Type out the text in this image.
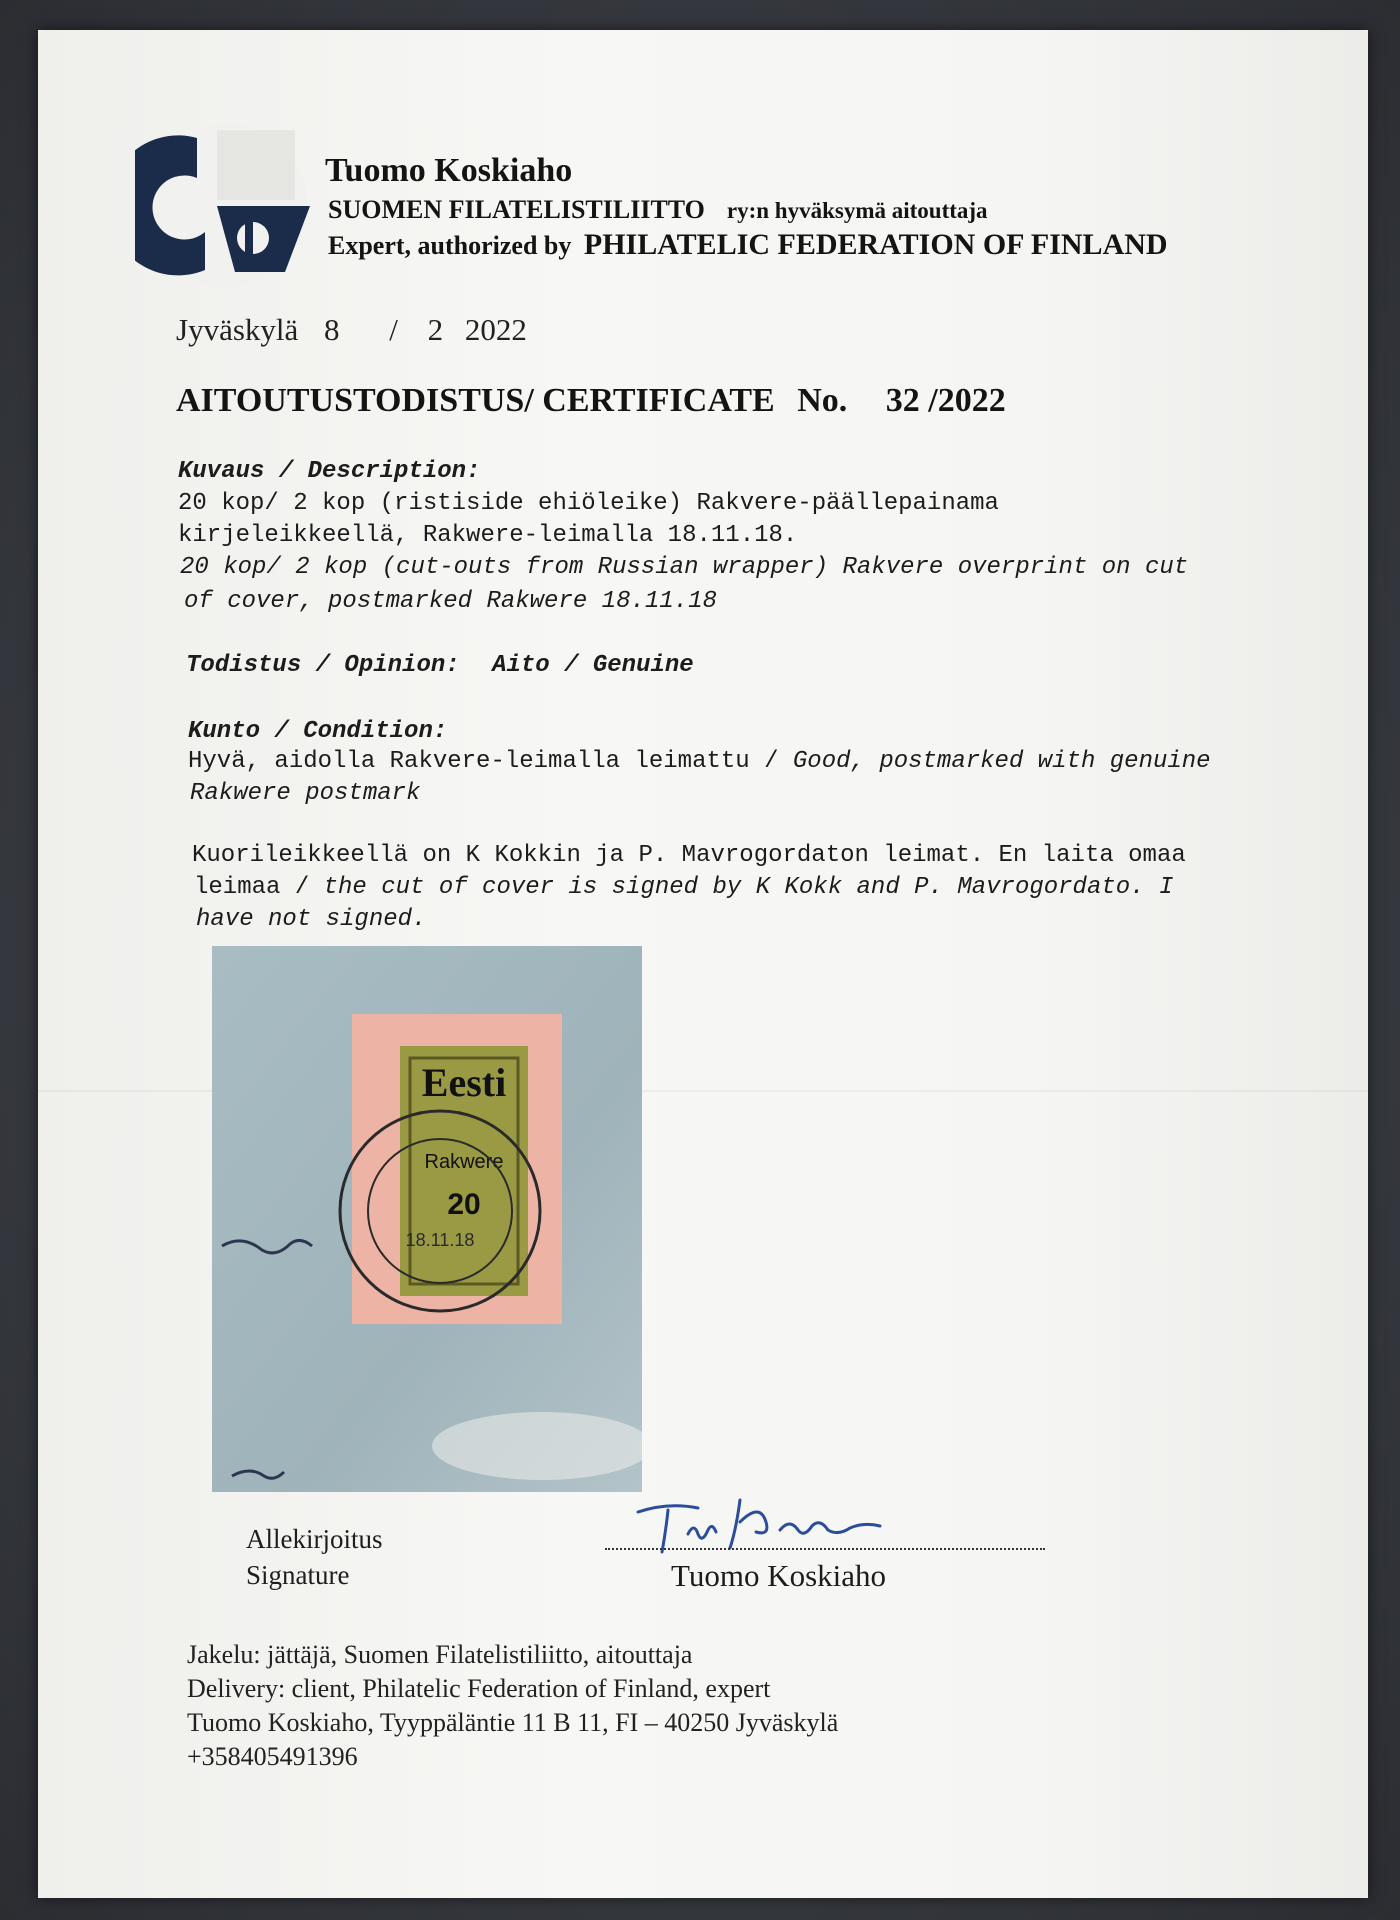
Tuomo Koskiaho
SUOMEN FILATELISTILIITTO ry:n hyväksymä aitouttaja
Expert, authorized by PHILATELIC FEDERATION OF FINLAND
Jyväskylä 8 / 2 2022
AITOUTUSTODISTUS/ CERTIFICATE No. 32 /2022
Kuvaus / Description:
20 kop/ 2 kop (ristiside ehiöleike) Rakvere-päällepainama
kirjeleikkeellä, Rakwere-leimalla 18.11.18.
20 kop/ 2 kop (cut-outs from Russian wrapper) Rakvere overprint on cut
of cover, postmarked Rakwere 18.11.18
Todistus / Opinion: Aito / Genuine
Kunto / Condition:
Hyvä, aidolla Rakvere-leimalla leimattu / Good, postmarked with genuine
Rakwere postmark
Kuorileikkeellä on K Kokkin ja P. Mavrogordaton leimat. En laita omaa
leimaa / the cut of cover is signed by K Kokk and P. Mavrogordato. I
have not signed.
Eesti
Rakwere
20
18.11.18
Allekirjoitus
Signature	Tuomo Koskiaho
Jakelu: jättäjä, Suomen Filatelistiliitto, aitouttaja
Delivery: client, Philatelic Federation of Finland, expert
Tuomo Koskiaho, Tyyppäläntie 11 B 11, FI – 40250 Jyväskylä
+358405491396
